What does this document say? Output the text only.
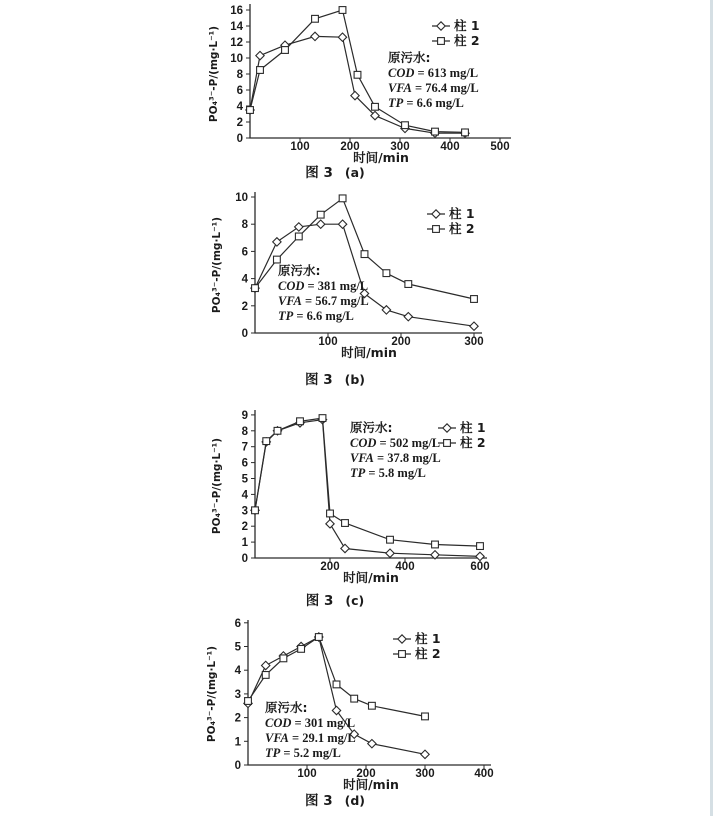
0
2
4
6
8
10
12
14
16
100	200	300	400	500
柱 1
柱 2
原污水:
COD = 613 mg/L
VFA = 76.4 mg/L
TP = 6.6 mg/L
时间/min
PO₄³⁻-P/(mg·L⁻¹)
图 3 (a)
0
2
4
6
8
10
100	200	300
柱 1
柱 2
原污水:
COD = 381 mg/L
VFA = 56.7 mg/L
TP = 6.6 mg/L
时间/min
PO₄³⁻-P/(mg·L⁻¹)
图 3 (b)
0
1
2
3
4
5
6
7
8
9
200	400	600
柱 1
柱 2
原污水:
COD = 502 mg/L
VFA = 37.8 mg/L
TP = 5.8 mg/L
时间/min
PO₄³⁻-P/(mg·L⁻¹)
图 3 (c)
0
1
2
3
4
5
6
100	200	300	400
柱 1
柱 2
原污水:
COD = 301 mg/L
VFA = 29.1 mg/L
TP = 5.2 mg/L
时间/min
PO₄³⁻-P/(mg·L⁻¹)
图 3 (d)
